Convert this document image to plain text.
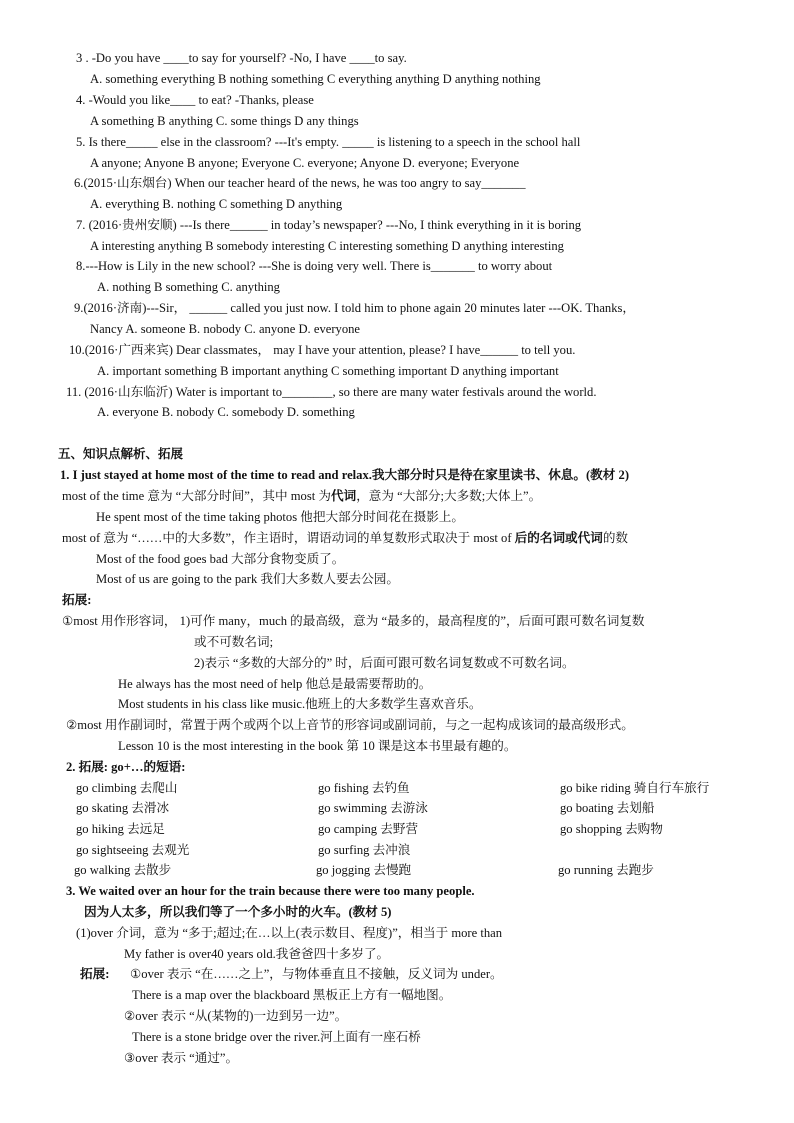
3 . -Do you have ____to say for yourself? -No, I have ____to say.
A. something everything B nothing something C everything anything D anything nothing
4. -Would you like____ to eat? -Thanks, please
A something B anything C. some things D any things
5. Is there_____ else in the classroom? ---It's empty. _____ is listening to a speech in the school hall
A anyone; Anyone B anyone; Everyone C. everyone; Anyone D. everyone; Everyone
6.(2015·山东烟台) When our teacher heard of the news, he was too angry to say_______
A. everything B. nothing C something D anything
7. (2016·贵州安顺) ---Is there______ in today’s newspaper? ---No, I think everything in it is boring
A interesting anything B somebody interesting C interesting something D anything interesting
8.---How is Lily in the new school? ---She is doing very well. There is_______ to worry about
A. nothing B something C. anything
9.(2016·济南)---Sir， ______ called you just now. I told him to phone again 20 minutes later ---OK. Thanks，
Nancy A. someone B. nobody C. anyone D. everyone
10.(2016·广西来宾) Dear classmates， may I have your attention, please? I have______ to tell you.
A. important something B important anything C something important D anything important
11. (2016·山东临沂) Water is important to________, so there are many water festivals around the world.
A. everyone B. nobody C. somebody D. something
五、知识点解析、拓展
1. I just stayed at home most of the time to read and relax.我大部分时只是待在家里读书、休息。(教材 2)
most of the time 意为 “大部分时间”，其中 most 为代词，意为 “大部分;大多数;大体上”。
He spent most of the time taking photos 他把大部分时间花在摄影上。
most of 意为 “……中的大多数”，作主语时，谓语动词的单复数形式取决于 most of 后的名词或代词的数
Most of the food goes bad 大部分食物变质了。
Most of us are going to the park 我们大多数人要去公园。
拓展:
①most 用作形容词， 1)可作 many，much 的最高级，意为 “最多的，最高程度的”，后面可跟可数名词复数
或不可数名词;
2)表示 “多数的大部分的” 时，后面可跟可数名词复数或不可数名词。
He always has the most need of help 他总是最需要帮助的。
Most students in his class like music.他班上的大多数学生喜欢音乐。
②most 用作副词时，常置于两个或两个以上音节的形容词或副词前，与之一起构成该词的最高级形式。
Lesson 10 is the most interesting in the book 第 10 课是这本书里最有趣的。
2. 拓展: go+…的短语:
go climbing 去爬山	go fishing 去钓鱼	go bike riding 骑自行车旅行
go skating 去滑冰	go swimming 去游泳	go boating 去划船
go hiking 去远足	go camping 去野营	go shopping 去购物
go sightseeing 去观光	go surfing 去冲浪
go walking 去散步	go jogging 去慢跑	go running 去跑步
3. We waited over an hour for the train because there were too many people.
因为人太多，所以我们等了一个多小时的火车。(教材 5)
(1)over 介词，意为 “多于;超过;在…以上(表示数目、程度)”，相当于 more than
My father is over40 years old.我爸爸四十多岁了。
拓展: ①over 表示 “在……之上”，与物体垂直且不接触，反义词为 under。
There is a map over the blackboard 黑板正上方有一幅地图。
②over 表示 “从(某物的)一边到另一边”。
There is a stone bridge over the river.河上面有一座石桥
③over 表示 “通过”。
